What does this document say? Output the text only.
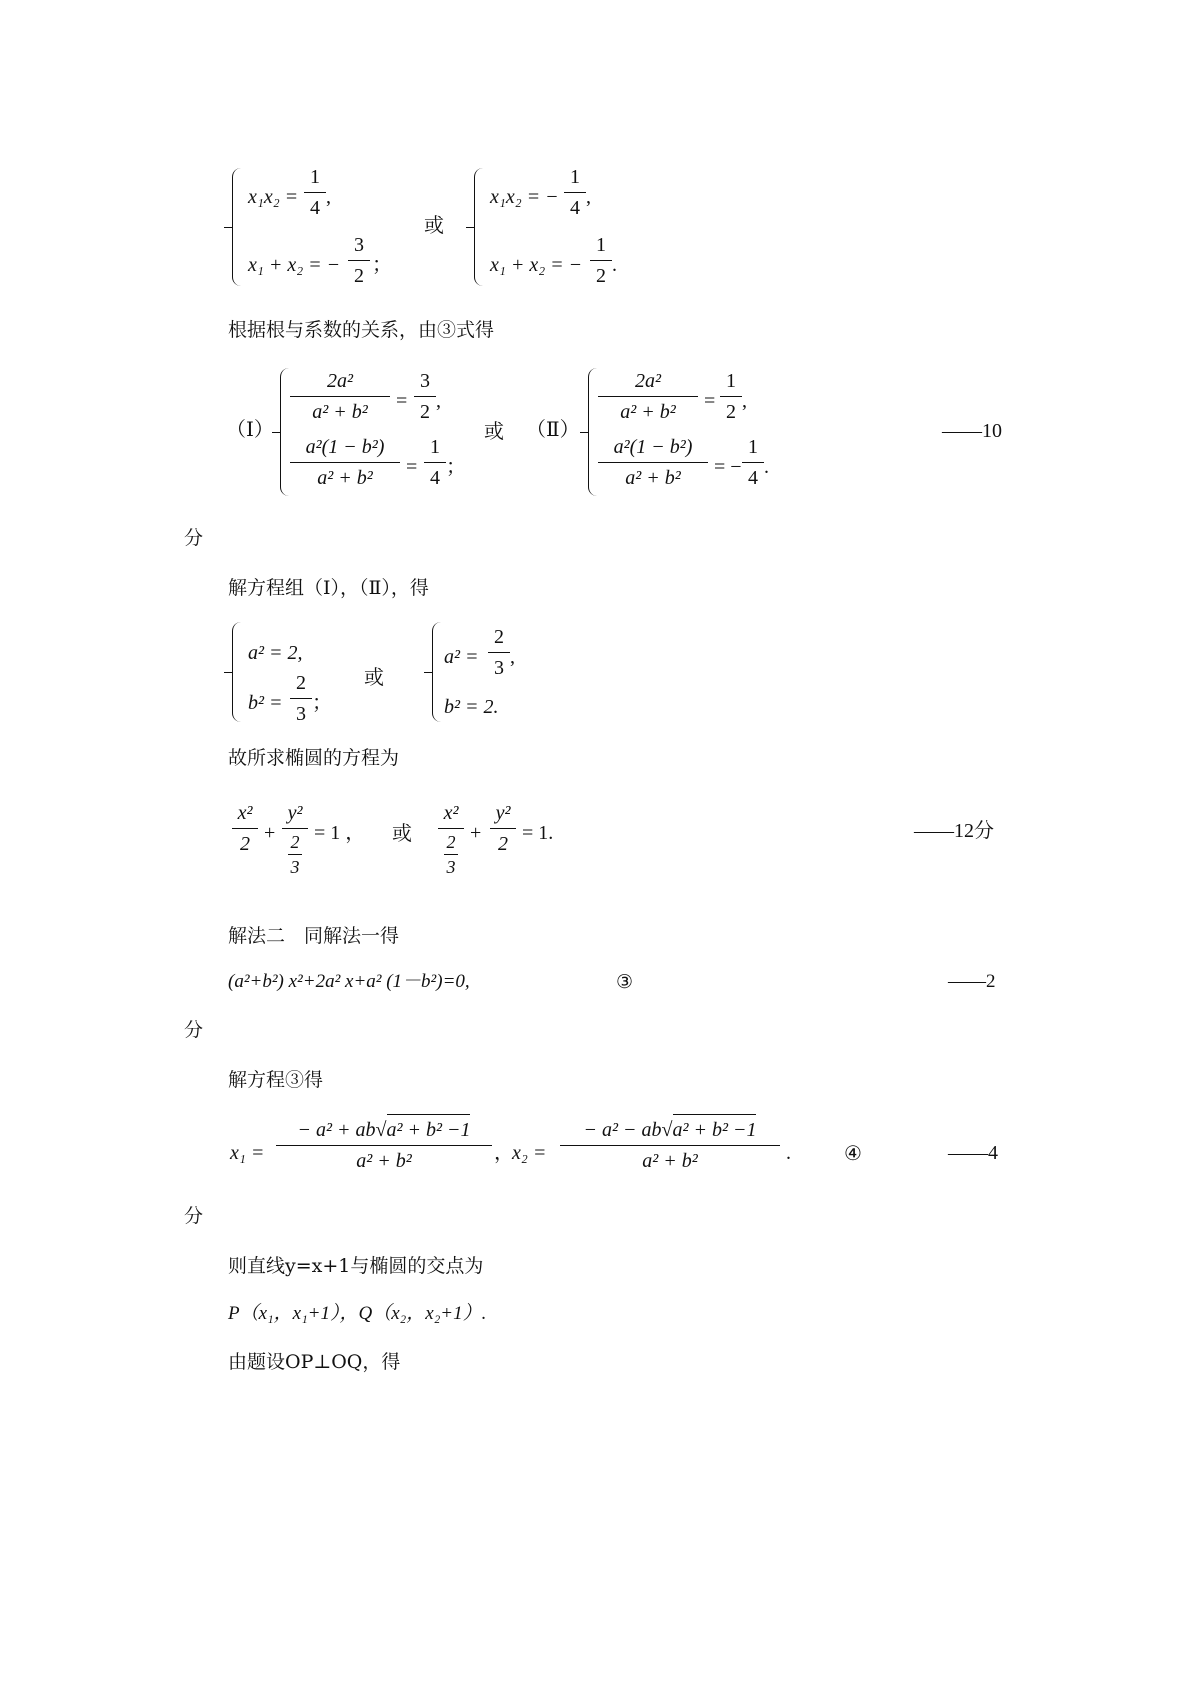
x₁x₂ =
1
4 ,
x₁ + x₂ = −
3
2 ；
或
x₁x₂ = −
1
4 ,
x₁ + x₂ = −
1
2 .
根据根与系数的关系，由③式得
（Ⅰ）
2a²
a² + b²	=
3
2 ,
a²(1 − b²)
a² + b²	=
1
4 ；
或 （Ⅱ）
2a²
a² + b²	=
1
2 ,
a²(1 − b²)
a² + b²	= −
1
4 .
——10
分
解方程组（Ⅰ），（Ⅱ），得
a² = 2,
b² =
2
3 ；
或
a² =
2
3 ,
b² = 2.
故所求椭圆的方程为
x²
2 +
y²
2
3
= 1 ， 或
x²
2
3
+
y²
2 = 1.	——12分
解法二　同解法一得
(a²+b²) x²+2a² x+a² (1－b²)=0,	③	——2
分
解方程③得
x₁ =
− a² + ab√a² + b² −1
a² + b²	，
x₂ =
− a² − ab√a² + b² −1
a² + b²	.	④	——4
分
则直线y=x+1与椭圆的交点为
P（x₁，x₁+1），Q（x₂，x₂+1）.
由题设OP⊥OQ，得
